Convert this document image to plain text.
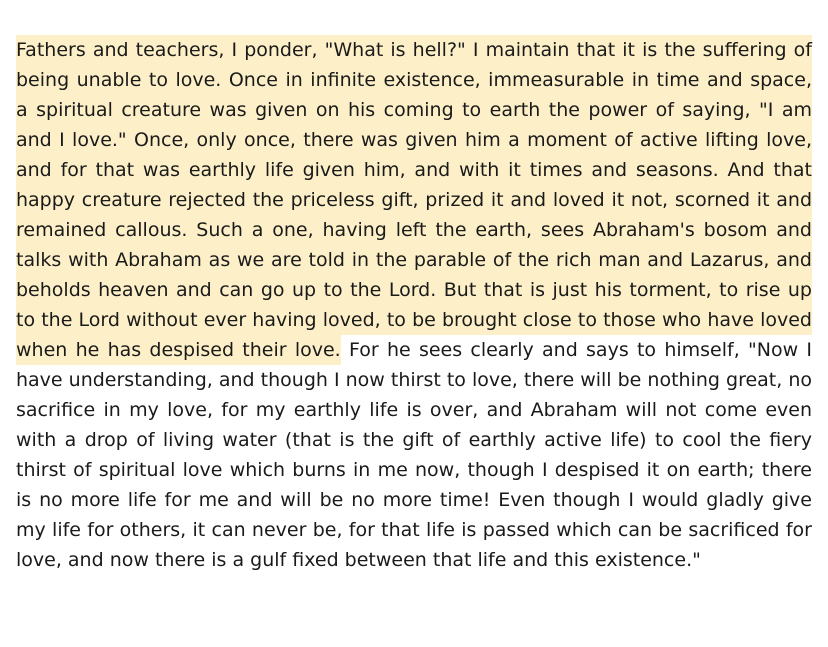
Fathers and teachers, I ponder, "What is hell?" I maintain that it is the suffering of being unable to love. Once in infinite existence, immeasurable in time and space, a spiritual creature was given on his coming to earth the power of saying, "I am and I love." Once, only once, there was given him a moment of active lifting love, and for that was earthly life given him, and with it times and seasons. And that happy creature rejected the priceless gift, prized it and loved it not, scorned it and remained callous. Such a one, having left the earth, sees Abraham's bosom and talks with Abraham as we are told in the parable of the rich man and Lazarus, and beholds heaven and can go up to the Lord. But that is just his torment, to rise up to the Lord without ever having loved, to be brought close to those who have loved when he has despised their love. For he sees clearly and says to himself, "Now I have understanding, and though I now thirst to love, there will be nothing great, no sacrifice in my love, for my earthly life is over, and Abraham will not come even with a drop of living water (that is the gift of earthly active life) to cool the fiery thirst of spiritual love which burns in me now, though I despised it on earth; there is no more life for me and will be no more time! Even though I would gladly give my life for others, it can never be, for that life is passed which can be sacrificed for love, and now there is a gulf fixed between that life and this existence."
